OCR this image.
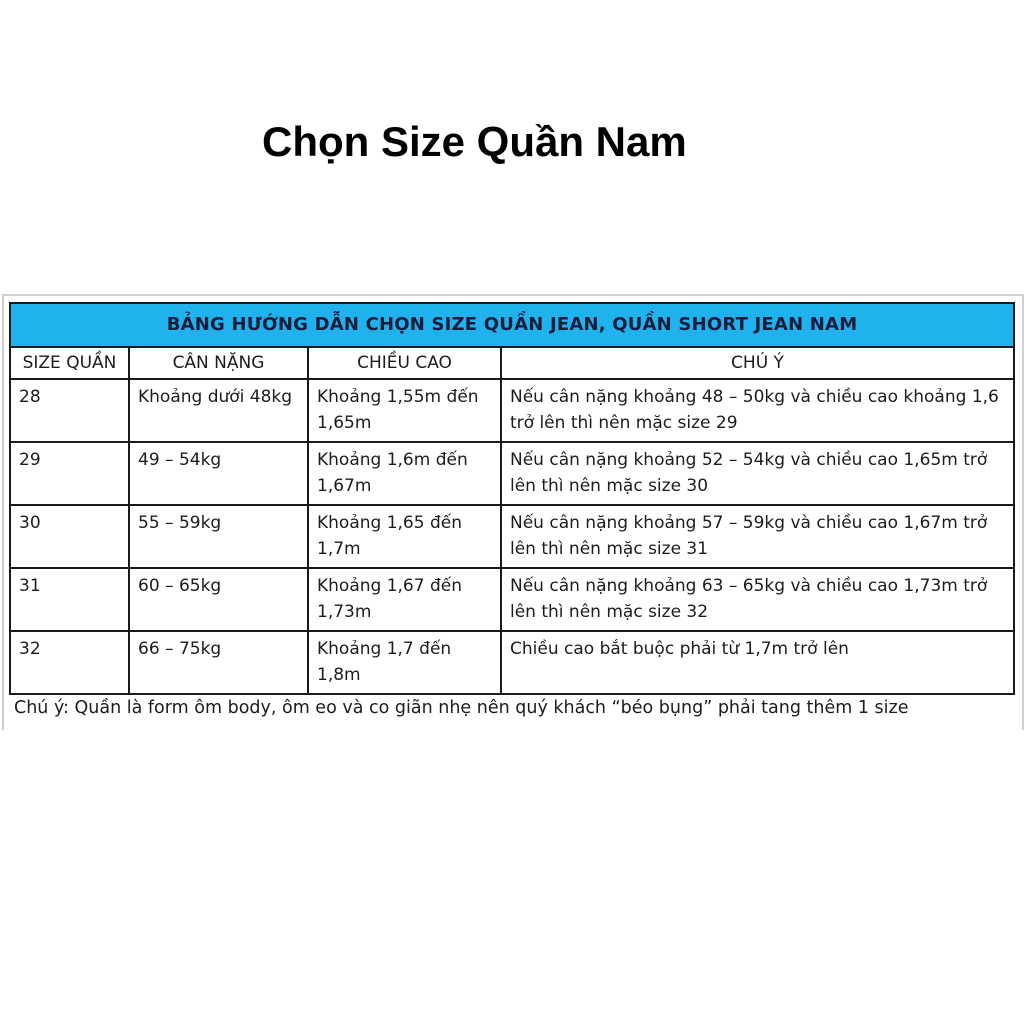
Chọn Size Quần Nam
BẢNG HƯỚNG DẪN CHỌN SIZE QUẦN JEAN, QUẦN SHORT JEAN NAM			
SIZE QUẦN	CÂN NẶNG	CHIỀU CAO	CHÚ Ý
28	Khoảng dưới 48kg	Khoảng 1,55m đến 1,65m	Nếu cân nặng khoảng 48 – 50kg và chiều cao khoảng 1,6 trở lên thì nên mặc size 29
29	49 – 54kg	Khoảng 1,6m đến 1,67m	Nếu cân nặng khoảng 52 – 54kg và chiều cao 1,65m trở lên thì nên mặc size 30
30	55 – 59kg	Khoảng 1,65 đến 1,7m	Nếu cân nặng khoảng 57 – 59kg và chiều cao 1,67m trở lên thì nên mặc size 31
31	60 – 65kg	Khoảng 1,67 đến 1,73m	Nếu cân nặng khoảng 63 – 65kg và chiều cao 1,73m trở lên thì nên mặc size 32
32	66 – 75kg	Khoảng 1,7 đến 1,8m	Chiều cao bắt buộc phải từ 1,7m trở lên
Chú ý: Quần là form ôm body, ôm eo và co giãn nhẹ nên quý khách “béo bụng” phải tang thêm 1 size
